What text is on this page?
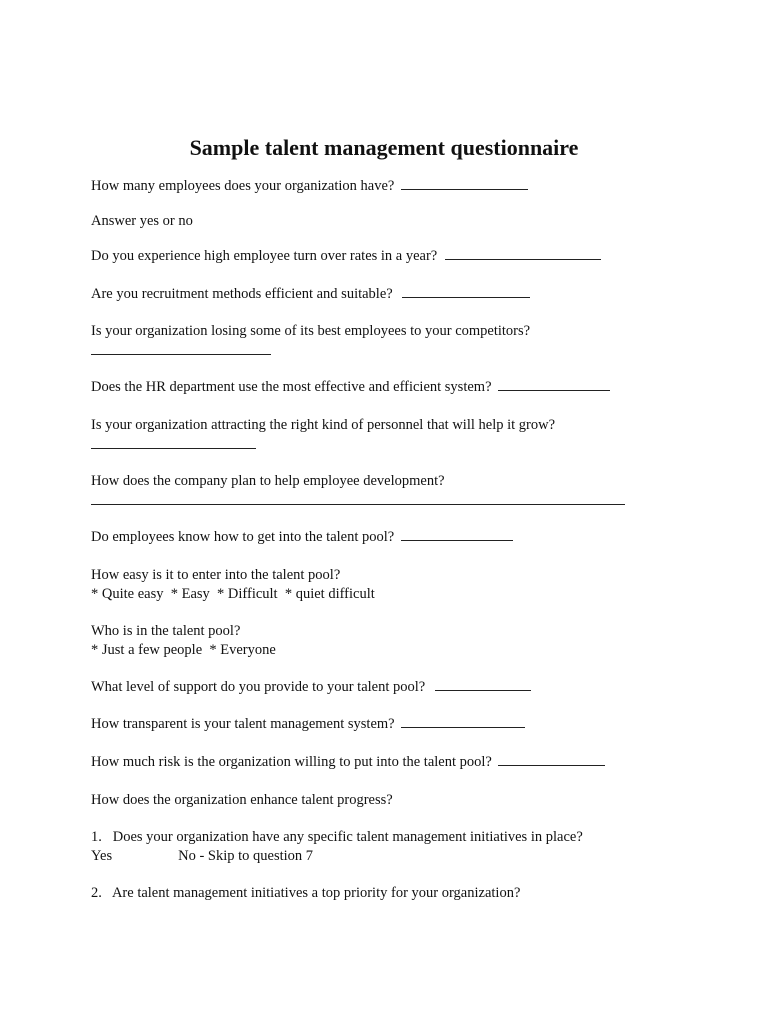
Sample talent management questionnaire
How many employees does your organization have?
Answer yes or no
Do you experience high employee turn over rates in a year?
Are you recruitment methods efficient and suitable?
Is your organization losing some of its best employees to your competitors?
Does the HR department use the most effective and efficient system?
Is your organization attracting the right kind of personnel that will help it grow?
How does the company plan to help employee development?
Do employees know how to get into the talent pool?
How easy is it to enter into the talent pool?
* Quite easy * Easy * Difficult * quiet difficult
Who is in the talent pool?
* Just a few people * Everyone
What level of support do you provide to your talent pool?
How transparent is your talent management system?
How much risk is the organization willing to put into the talent pool?
How does the organization enhance talent progress?
1. Does your organization have any specific talent management initiatives in place?
Yes	No - Skip to question 7
2. Are talent management initiatives a top priority for your organization?
